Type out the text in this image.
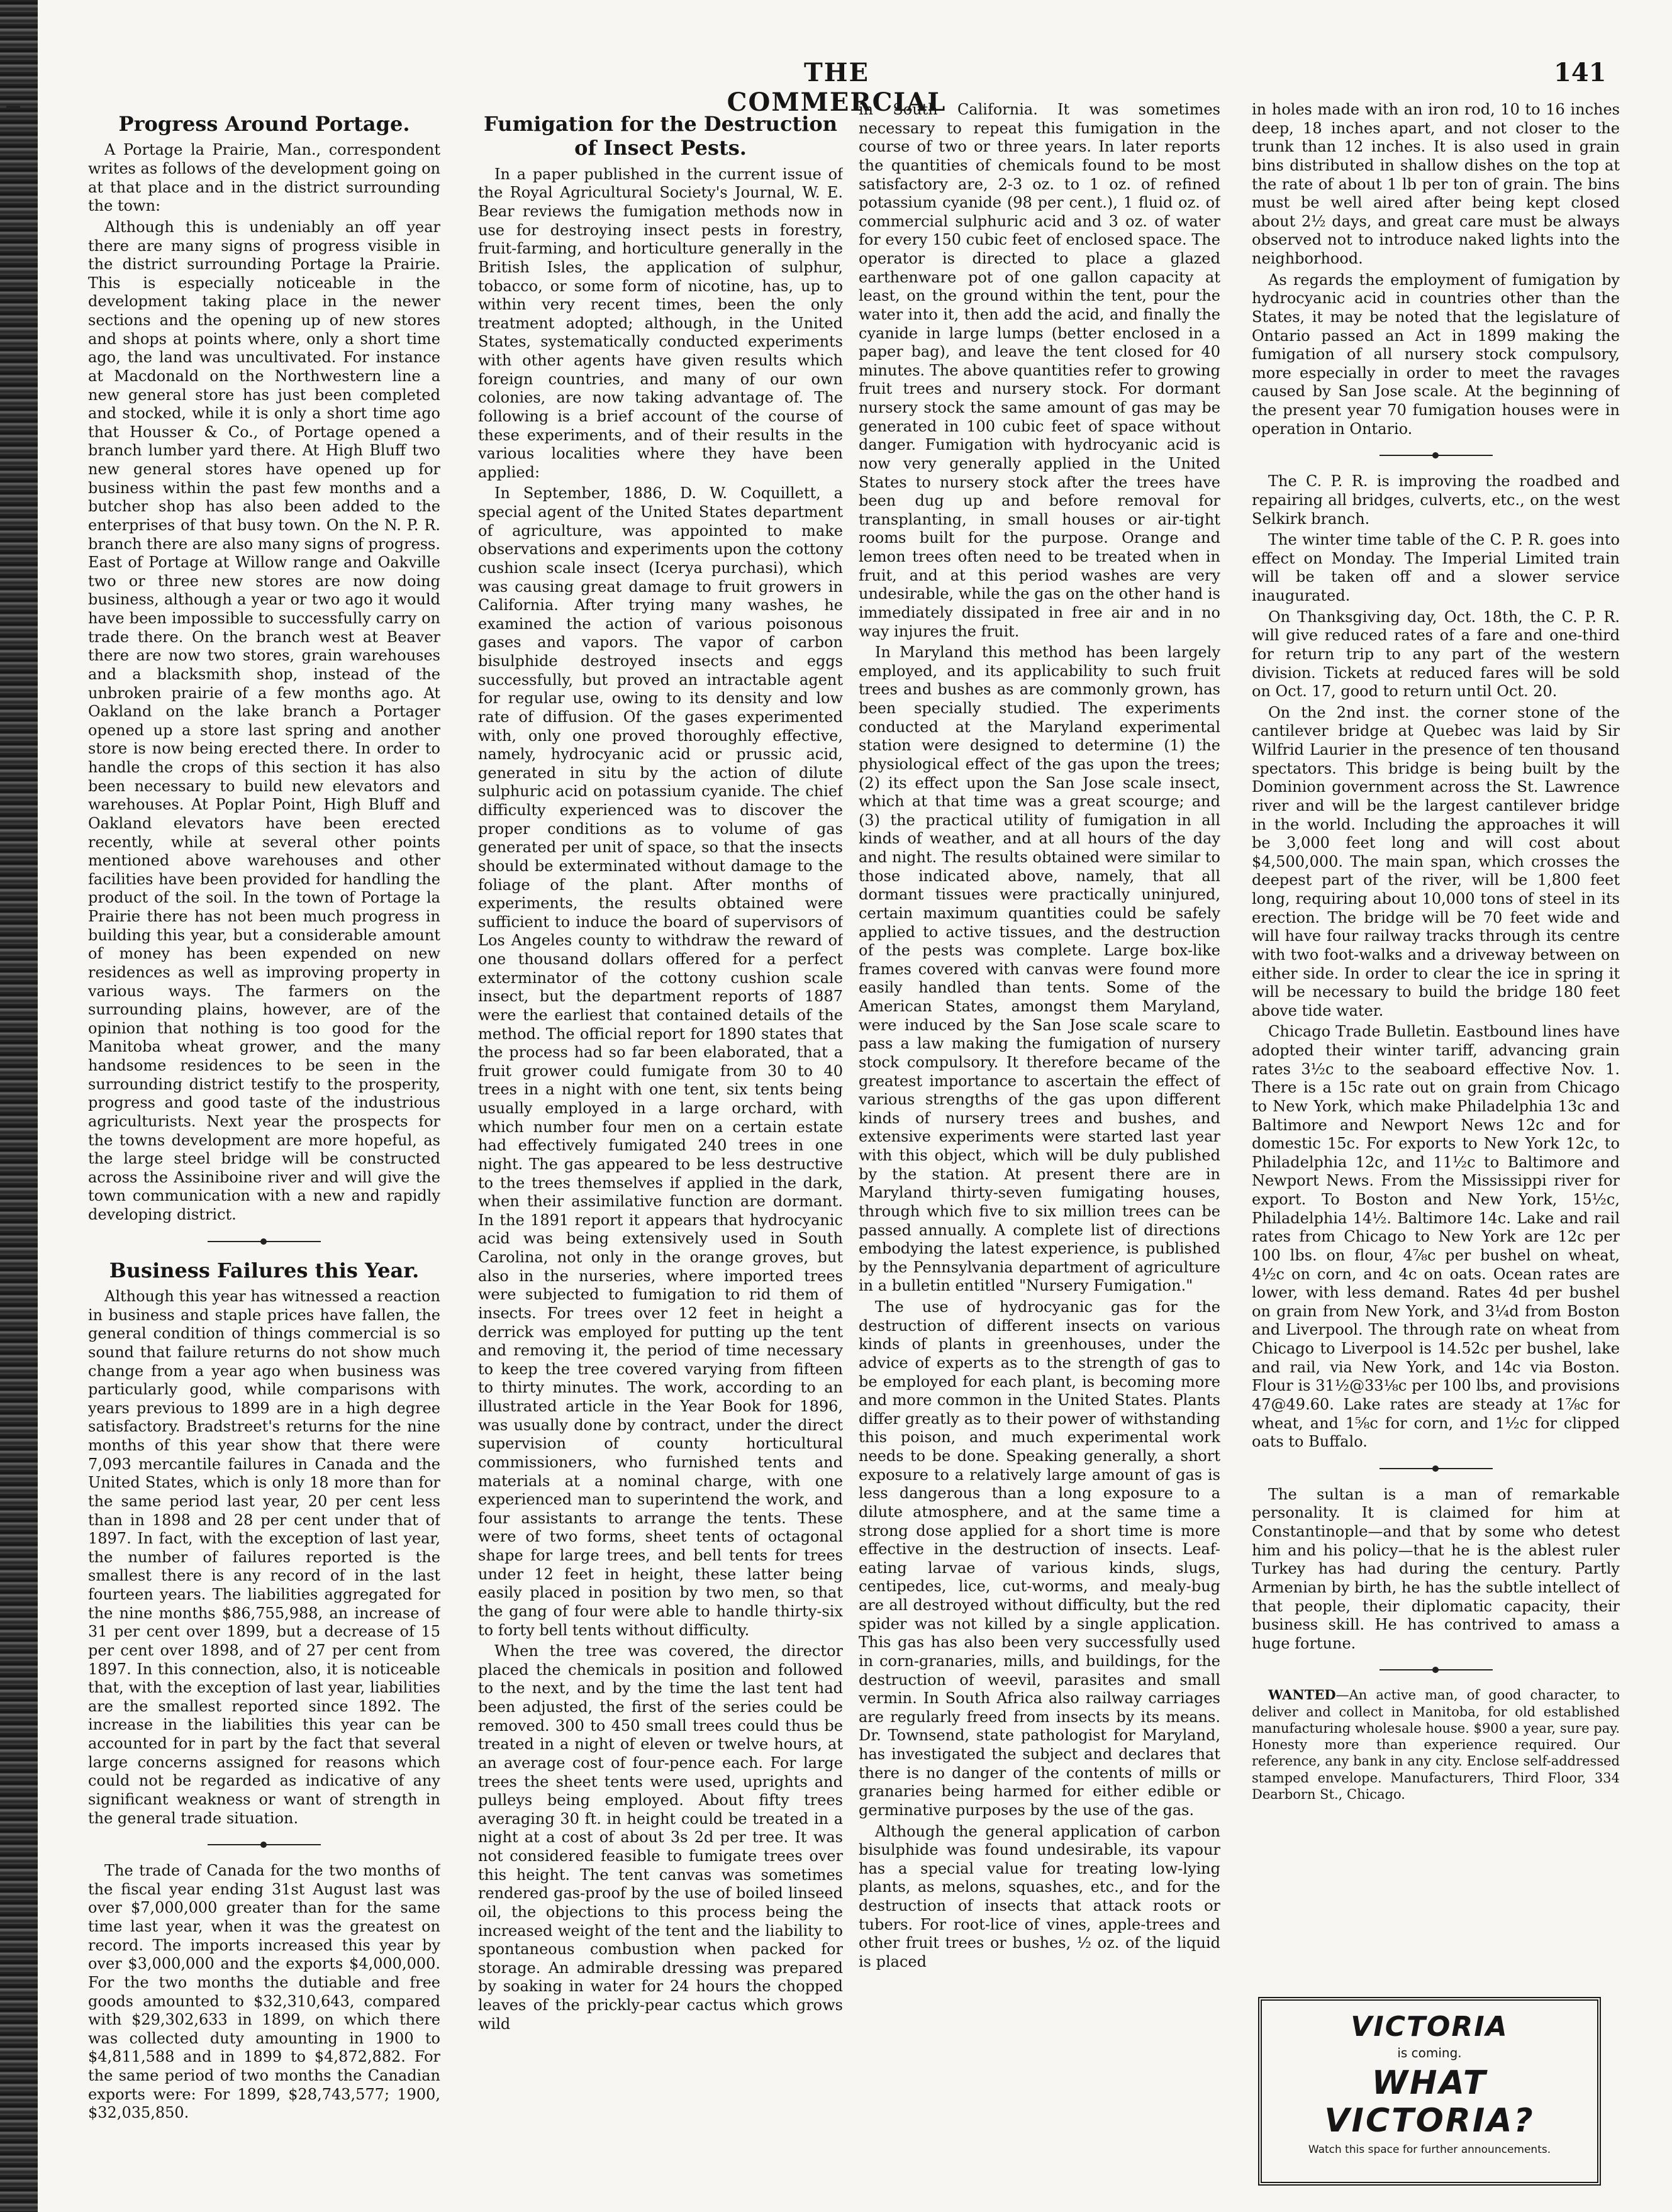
THE COMMERCIAL
141
Progress Around Portage.

A Portage la Prairie, Man., correspondent writes as follows of the development going on at that place and in the district surrounding the town:

Although this is undeniably an off year there are many signs of progress visible in the district surrounding Portage la Prairie. This is especially noticeable in the development taking place in the newer sections and the opening up of new stores and shops at points where, only a short time ago, the land was uncultivated. For instance at Macdonald on the Northwestern line a new general store has just been completed and stocked, while it is only a short time ago that Housser & Co., of Portage opened a branch lumber yard there. At High Bluff two new general stores have opened up for business within the past few months and a butcher shop has also been added to the enterprises of that busy town. On the N. P. R. branch there are also many signs of progress. East of Portage at Willow range and Oakville two or three new stores are now doing business, although a year or two ago it would have been impossible to successfully carry on trade there. On the branch west at Beaver there are now two stores, grain warehouses and a blacksmith shop, instead of the unbroken prairie of a few months ago. At Oakland on the lake branch a Portager opened up a store last spring and another store is now being erected there. In order to handle the crops of this section it has also been necessary to build new elevators and warehouses. At Poplar Point, High Bluff and Oakland elevators have been erected recently, while at several other points mentioned above warehouses and other facilities have been provided for handling the product of the soil. In the town of Portage la Prairie there has not been much progress in building this year, but a considerable amount of money has been expended on new residences as well as improving property in various ways. The farmers on the surrounding plains, however, are of the opinion that nothing is too good for the Manitoba wheat grower, and the many handsome residences to be seen in the surrounding district testify to the prosperity, progress and good taste of the industrious agriculturists. Next year the prospects for the towns development are more hopeful, as the large steel bridge will be constructed across the Assiniboine river and will give the town communication with a new and rapidly developing district.

Business Failures this Year.

Although this year has witnessed a reaction in business and staple prices have fallen, the general condition of things commercial is so sound that failure returns do not show much change from a year ago when business was particularly good, while comparisons with years previous to 1899 are in a high degree satisfactory. Bradstreet's returns for the nine months of this year show that there were 7,093 mercantile failures in Canada and the United States, which is only 18 more than for the same period last year, 20 per cent less than in 1898 and 28 per cent under that of 1897. In fact, with the exception of last year, the number of failures reported is the smallest there is any record of in the last fourteen years. The liabilities aggregated for the nine months $86,755,988, an increase of 31 per cent over 1899, but a decrease of 15 per cent over 1898, and of 27 per cent from 1897. In this connection, also, it is noticeable that, with the exception of last year, liabilities are the smallest reported since 1892. The increase in the liabilities this year can be accounted for in part by the fact that several large concerns assigned for reasons which could not be regarded as indicative of any significant weakness or want of strength in the general trade situation.

The trade of Canada for the two months of the fiscal year ending 31st August last was over $7,000,000 greater than for the same time last year, when it was the greatest on record. The imports increased this year by over $3,000,000 and the exports $4,000,000. For the two months the dutiable and free goods amounted to $32,310,643, compared with $29,302,633 in 1899, on which there was collected duty amounting in 1900 to $4,811,588 and in 1899 to $4,872,882. For the same period of two months the Canadian exports were: For 1899, $28,743,577; 1900, $32,035,850.

Fumigation for the Destruction of Insect Pests.

In a paper published in the current issue of the Royal Agricultural Society's Journal, W. E. Bear reviews the fumigation methods now in use for destroying insect pests in forestry, fruit-farming, and horticulture generally in the British Isles, the application of sulphur, tobacco, or some form of nicotine, has, up to within very recent times, been the only treatment adopted; although, in the United States, systematically conducted experiments with other agents have given results which foreign countries, and many of our own colonies, are now taking advantage of. The following is a brief account of the course of these experiments, and of their results in the various localities where they have been applied:

In September, 1886, D. W. Coquillett, a special agent of the United States department of agriculture, was appointed to make observations and experiments upon the cottony cushion scale insect (Icerya purchasi), which was causing great damage to fruit growers in California. After trying many washes, he examined the action of various poisonous gases and vapors. The vapor of carbon bisulphide destroyed insects and eggs successfully, but proved an intractable agent for regular use, owing to its density and low rate of diffusion. Of the gases experimented with, only one proved thoroughly effective, namely, hydrocyanic acid or prussic acid, generated in situ by the action of dilute sulphuric acid on potassium cyanide. The chief difficulty experienced was to discover the proper conditions as to volume of gas generated per unit of space, so that the insects should be exterminated without damage to the foliage of the plant. After months of experiments, the results obtained were sufficient to induce the board of supervisors of Los Angeles county to withdraw the reward of one thousand dollars offered for a perfect exterminator of the cottony cushion scale insect, but the department reports of 1887 were the earliest that contained details of the method. The official report for 1890 states that the process had so far been elaborated, that a fruit grower could fumigate from 30 to 40 trees in a night with one tent, six tents being usually employed in a large orchard, with which number four men on a certain estate had effectively fumigated 240 trees in one night. The gas appeared to be less destructive to the trees themselves if applied in the dark, when their assimilative function are dormant. In the 1891 report it appears that hydrocyanic acid was being extensively used in South Carolina, not only in the orange groves, but also in the nurseries, where imported trees were subjected to fumigation to rid them of insects. For trees over 12 feet in height a derrick was employed for putting up the tent and removing it, the period of time necessary to keep the tree covered varying from fifteen to thirty minutes. The work, according to an illustrated article in the Year Book for 1896, was usually done by contract, under the direct supervision of county horticultural commissioners, who furnished tents and materials at a nominal charge, with one experienced man to superintend the work, and four assistants to arrange the tents. These were of two forms, sheet tents of octagonal shape for large trees, and bell tents for trees under 12 feet in height, these latter being easily placed in position by two men, so that the gang of four were able to handle thirty-six to forty bell tents without difficulty.

When the tree was covered, the director placed the chemicals in position and followed to the next, and by the time the last tent had been adjusted, the first of the series could be removed. 300 to 450 small trees could thus be treated in a night of eleven or twelve hours, at an average cost of four-pence each. For large trees the sheet tents were used, uprights and pulleys being employed. About fifty trees averaging 30 ft. in height could be treated in a night at a cost of about 3s 2d per tree. It was not considered feasible to fumigate trees over this height. The tent canvas was sometimes rendered gas-proof by the use of boiled linseed oil, the objections to this process being the increased weight of the tent and the liability to spontaneous combustion when packed for storage. An admirable dressing was prepared by soaking in water for 24 hours the chopped leaves of the prickly-pear cactus which grows wild

in South California. It was sometimes necessary to repeat this fumigation in the course of two or three years. In later reports the quantities of chemicals found to be most satisfactory are, 2-3 oz. to 1 oz. of refined potassium cyanide (98 per cent.), 1 fluid oz. of commercial sulphuric acid and 3 oz. of water for every 150 cubic feet of enclosed space. The operator is directed to place a glazed earthenware pot of one gallon capacity at least, on the ground within the tent, pour the water into it, then add the acid, and finally the cyanide in large lumps (better enclosed in a paper bag), and leave the tent closed for 40 minutes. The above quantities refer to growing fruit trees and nursery stock. For dormant nursery stock the same amount of gas may be generated in 100 cubic feet of space without danger. Fumigation with hydrocyanic acid is now very generally applied in the United States to nursery stock after the trees have been dug up and before removal for transplanting, in small houses or air-tight rooms built for the purpose. Orange and lemon trees often need to be treated when in fruit, and at this period washes are very undesirable, while the gas on the other hand is immediately dissipated in free air and in no way injures the fruit.

In Maryland this method has been largely employed, and its applicability to such fruit trees and bushes as are commonly grown, has been specially studied. The experiments conducted at the Maryland experimental station were designed to determine (1) the physiological effect of the gas upon the trees; (2) its effect upon the San Jose scale insect, which at that time was a great scourge; and (3) the practical utility of fumigation in all kinds of weather, and at all hours of the day and night. The results obtained were similar to those indicated above, namely, that all dormant tissues were practically uninjured, certain maximum quantities could be safely applied to active tissues, and the destruction of the pests was complete. Large box-like frames covered with canvas were found more easily handled than tents. Some of the American States, amongst them Maryland, were induced by the San Jose scale scare to pass a law making the fumigation of nursery stock compulsory. It therefore became of the greatest importance to ascertain the effect of various strengths of the gas upon different kinds of nursery trees and bushes, and extensive experiments were started last year with this object, which will be duly published by the station. At present there are in Maryland thirty-seven fumigating houses, through which five to six million trees can be passed annually. A complete list of directions embodying the latest experience, is published by the Pennsylvania department of agriculture in a bulletin entitled "Nursery Fumigation."

The use of hydrocyanic gas for the destruction of different insects on various kinds of plants in greenhouses, under the advice of experts as to the strength of gas to be employed for each plant, is becoming more and more common in the United States. Plants differ greatly as to their power of withstanding this poison, and much experimental work needs to be done. Speaking generally, a short exposure to a relatively large amount of gas is less dangerous than a long exposure to a dilute atmosphere, and at the same time a strong dose applied for a short time is more effective in the destruction of insects. Leaf-eating larvae of various kinds, slugs, centipedes, lice, cut-worms, and mealy-bug are all destroyed without difficulty, but the red spider was not killed by a single application. This gas has also been very successfully used in corn-granaries, mills, and buildings, for the destruction of weevil, parasites and small vermin. In South Africa also railway carriages are regularly freed from insects by its means. Dr. Townsend, state pathologist for Maryland, has investigated the subject and declares that there is no danger of the contents of mills or granaries being harmed for either edible or germinative purposes by the use of the gas.

Although the general application of carbon bisulphide was found undesirable, its vapour has a special value for treating low-lying plants, as melons, squashes, etc., and for the destruction of insects that attack roots or tubers. For root-lice of vines, apple-trees and other fruit trees or bushes, ½ oz. of the liquid is placed

in holes made with an iron rod, 10 to 16 inches deep, 18 inches apart, and not closer to the trunk than 12 inches. It is also used in grain bins distributed in shallow dishes on the top at the rate of about 1 lb per ton of grain. The bins must be well aired after being kept closed about 2½ days, and great care must be always observed not to introduce naked lights into the neighborhood.

As regards the employment of fumigation by hydrocyanic acid in countries other than the States, it may be noted that the legislature of Ontario passed an Act in 1899 making the fumigation of all nursery stock compulsory, more especially in order to meet the ravages caused by San Jose scale. At the beginning of the present year 70 fumigation houses were in operation in Ontario.

The C. P. R. is improving the roadbed and repairing all bridges, culverts, etc., on the west Selkirk branch.

The winter time table of the C. P. R. goes into effect on Monday. The Imperial Limited train will be taken off and a slower service inaugurated.

On Thanksgiving day, Oct. 18th, the C. P. R. will give reduced rates of a fare and one-third for return trip to any part of the western division. Tickets at reduced fares will be sold on Oct. 17, good to return until Oct. 20.

On the 2nd inst. the corner stone of the cantilever bridge at Quebec was laid by Sir Wilfrid Laurier in the presence of ten thousand spectators. This bridge is being built by the Dominion government across the St. Lawrence river and will be the largest cantilever bridge in the world. Including the approaches it will be 3,000 feet long and will cost about $4,500,000. The main span, which crosses the deepest part of the river, will be 1,800 feet long, requiring about 10,000 tons of steel in its erection. The bridge will be 70 feet wide and will have four railway tracks through its centre with two foot-walks and a driveway between on either side. In order to clear the ice in spring it will be necessary to build the bridge 180 feet above tide water.

Chicago Trade Bulletin. Eastbound lines have adopted their winter tariff, advancing grain rates 3½c to the seaboard effective Nov. 1. There is a 15c rate out on grain from Chicago to New York, which make Philadelphia 13c and Baltimore and Newport News 12c and for domestic 15c. For exports to New York 12c, to Philadelphia 12c, and 11½c to Baltimore and Newport News. From the Mississippi river for export. To Boston and New York, 15½c, Philadelphia 14½. Baltimore 14c. Lake and rail rates from Chicago to New York are 12c per 100 lbs. on flour, 4⅞c per bushel on wheat, 4½c on corn, and 4c on oats. Ocean rates are lower, with less demand. Rates 4d per bushel on grain from New York, and 3¼d from Boston and Liverpool. The through rate on wheat from Chicago to Liverpool is 14.52c per bushel, lake and rail, via New York, and 14c via Boston. Flour is 31½@33⅛c per 100 lbs, and provisions 47@49.60. Lake rates are steady at 1⅞c for wheat, and 1⅝c for corn, and 1½c for clipped oats to Buffalo.

The sultan is a man of remarkable personality. It is claimed for him at Constantinople—and that by some who detest him and his policy—that he is the ablest ruler Turkey has had during the century. Partly Armenian by birth, he has the subtle intellect of that people, their diplomatic capacity, their business skill. He has contrived to amass a huge fortune.

WANTED—An active man, of good character, to deliver and collect in Manitoba, for old established manufacturing wholesale house. $900 a year, sure pay. Honesty more than experience required. Our reference, any bank in any city. Enclose self-addressed stamped envelope. Manufacturers, Third Floor, 334 Dearborn St., Chicago.

VICTORIA
is coming.
WHAT VICTORIA?
Watch this space for further announcements.
